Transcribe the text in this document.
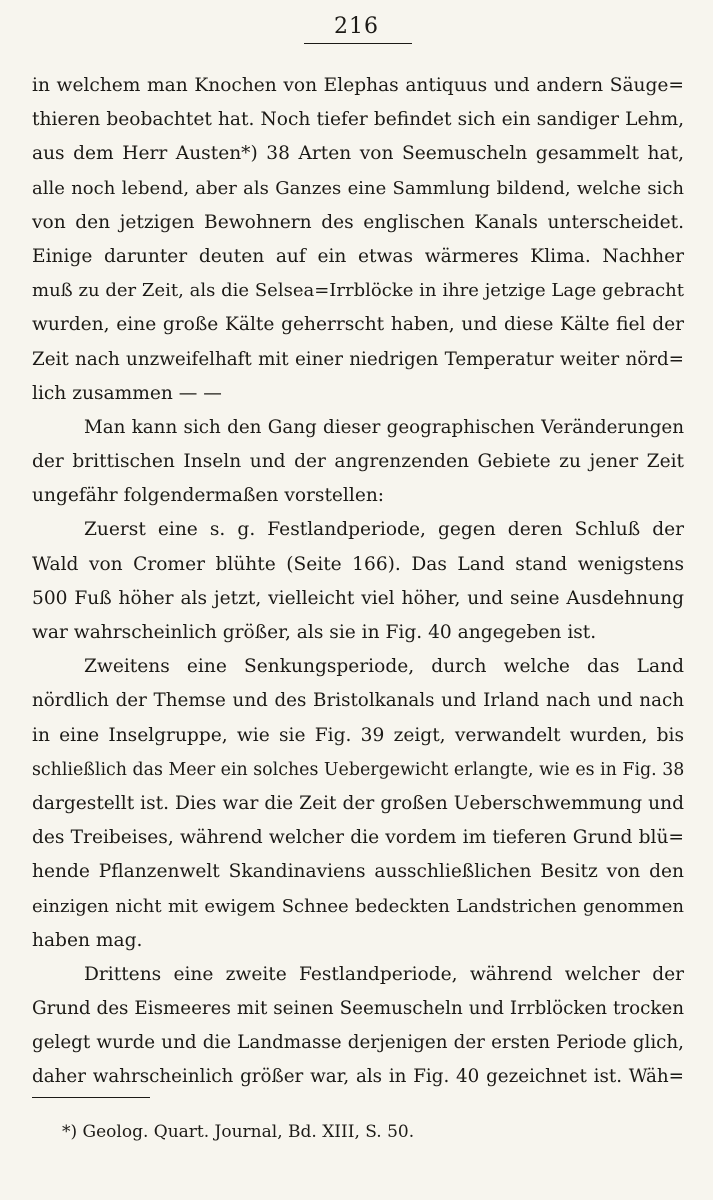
216
in welchem man Knochen von Elephas antiquus und andern Säuge=
thieren beobachtet hat. Noch tiefer befindet sich ein sandiger Lehm,
aus dem Herr Austen*) 38 Arten von Seemuscheln gesammelt hat,
alle noch lebend, aber als Ganzes eine Sammlung bildend, welche sich
von den jetzigen Bewohnern des englischen Kanals unterscheidet.
Einige darunter deuten auf ein etwas wärmeres Klima. Nachher
muß zu der Zeit, als die Selsea=Irrblöcke in ihre jetzige Lage gebracht
wurden, eine große Kälte geherrscht haben, und diese Kälte fiel der
Zeit nach unzweifelhaft mit einer niedrigen Temperatur weiter nörd=
lich zusammen — —
Man kann sich den Gang dieser geographischen Veränderungen
der brittischen Inseln und der angrenzenden Gebiete zu jener Zeit
ungefähr folgendermaßen vorstellen:
Zuerst eine s. g. Festlandperiode, gegen deren Schluß der
Wald von Cromer blühte (Seite 166). Das Land stand wenigstens
500 Fuß höher als jetzt, vielleicht viel höher, und seine Ausdehnung
war wahrscheinlich größer, als sie in Fig. 40 angegeben ist.
Zweitens eine Senkungsperiode, durch welche das Land
nördlich der Themse und des Bristolkanals und Irland nach und nach
in eine Inselgruppe, wie sie Fig. 39 zeigt, verwandelt wurden, bis
schließlich das Meer ein solches Uebergewicht erlangte, wie es in Fig. 38
dargestellt ist. Dies war die Zeit der großen Ueberschwemmung und
des Treibeises, während welcher die vordem im tieferen Grund blü=
hende Pflanzenwelt Skandinaviens ausschließlichen Besitz von den
einzigen nicht mit ewigem Schnee bedeckten Landstrichen genommen
haben mag.
Drittens eine zweite Festlandperiode, während welcher der
Grund des Eismeeres mit seinen Seemuscheln und Irrblöcken trocken
gelegt wurde und die Landmasse derjenigen der ersten Periode glich,
daher wahrscheinlich größer war, als in Fig. 40 gezeichnet ist. Wäh=
*) Geolog. Quart. Journal, Bd. XIII, S. 50.
